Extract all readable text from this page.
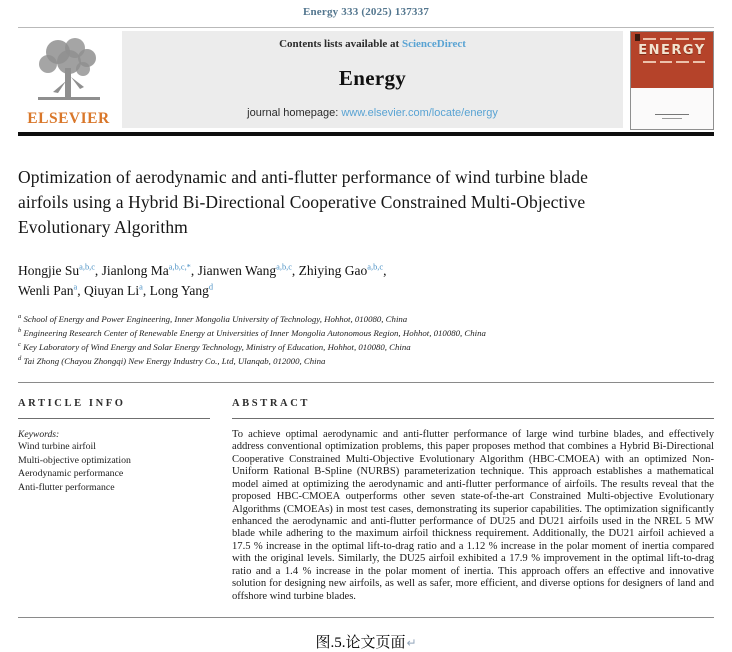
Energy 333 (2025) 137337
ELSEVIER
Contents lists available at ScienceDirect
Energy
journal homepage: www.elsevier.com/locate/energy
ENERGY
Optimization of aerodynamic and anti-flutter performance of wind turbine blade airfoils using a Hybrid Bi-Directional Cooperative Constrained Multi-Objective Evolutionary Algorithm
Hongjie Su$^{a,b,c}$, Jianlong $Ma^{a,b,c,*}$, Jianwen Wang$^{a,b,c}$, Zhiying Gao$^{a,b,c}$,
Wenli Pan$^a$, Qiuyan Li$^a$, Long Yang$^d$
$^a$ School of Energy and Power Engineering, Inner Mongolia University of Technology, Hohhot, 010080, China
$^b$ Engineering Research Center of Renewable Energy at Universities of Inner Mongolia Autonomous Region, Hohhot, 010080, China
$^c$ Key Laboratory of Wind Energy and Solar Energy Technology, Ministry of Education, Hohhot, 010080, China
$^d$ Tai Zhong (Chayou Zhongqi) New Energy Industry Co., Ltd, Ulanqab, 012000, China
ARTICLE INFO
Keywords:
Wind turbine airfoil
Multi-objective optimization
Aerodynamic performance
Anti-flutter performance
ABSTRACT
To achieve optimal aerodynamic and anti-flutter performance of large wind turbine blades, and effectively address conventional optimization problems, this paper proposes method that combines a Hybrid Bi-Directional Cooperative Constrained Multi-Objective Evolutionary Algorithm (HBC-CMOEA) with an optimized Non-Uniform Rational B-Spline (NURBS) parameterization technique. This approach establishes a mathematical model aimed at optimizing the aerodynamic and anti-flutter performance of airfoils. The results reveal that the proposed HBC-CMOEA outperforms other seven state-of-the-art Constrained Multi-objective Evolutionary Algorithms (CMOEAs) in most test cases, demonstrating its superior capabilities. The optimization significantly enhanced the aerodynamic and anti-flutter performance of DU25 and DU21 airfoils used in the NREL 5 MW blade while adhering to the maximum airfoil thickness requirement. Additionally, the DU21 airfoil achieved a 17.5 % increase in the optimal lift-to-drag ratio and a 1.12 % increase in the polar moment of inertia compared with the original levels. Similarly, the DU25 airfoil exhibited a 17.9 % improvement in the optimal lift-to-drag ratio and a 1.4 % increase in the polar moment of inertia. This approach offers an effective and innovative solution for designing new airfoils, as well as safer, more efficient, and diverse options for designers of land and offshore wind turbine blades.
图.5.论文页面↵
